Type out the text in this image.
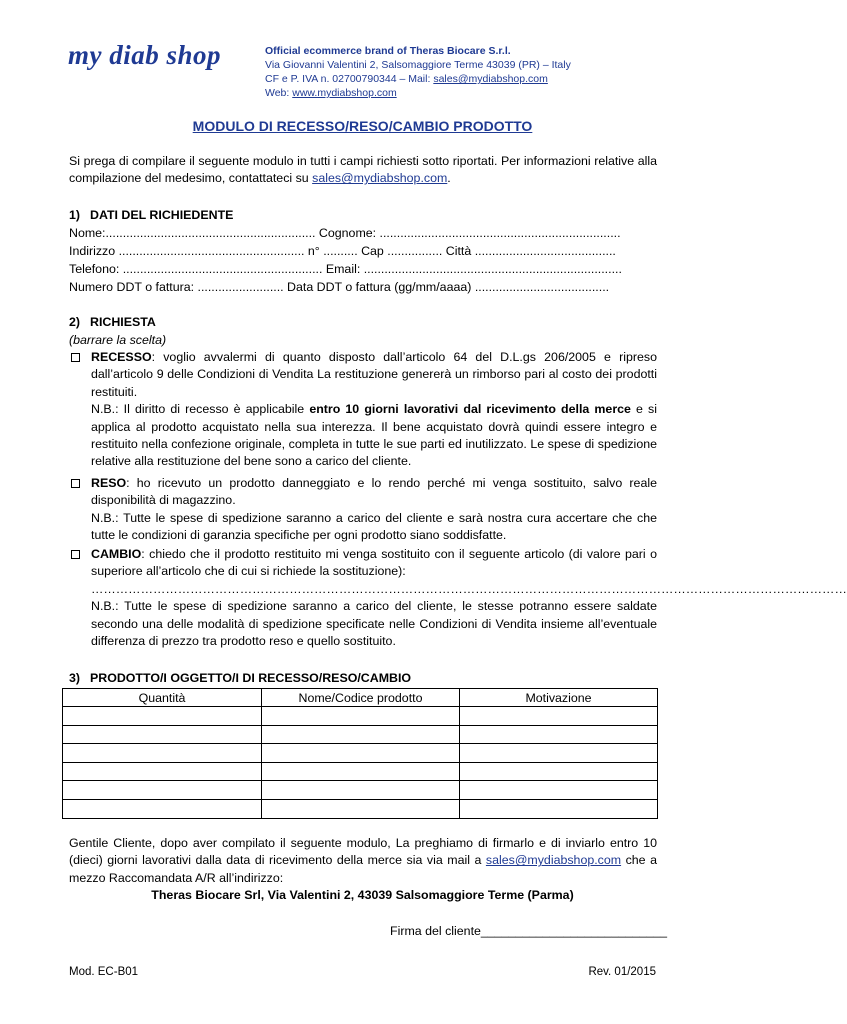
my diab shop	Official ecommerce brand of Theras Biocare S.r.l.
Via Giovanni Valentini 2, Salsomaggiore Terme 43039 (PR) – Italy
CF e P. IVA n. 02700790344 – Mail: sales@mydiabshop.com
Web: www.mydiabshop.com
MODULO DI RECESSO/RESO/CAMBIO PRODOTTO
Si prega di compilare il seguente modulo in tutti i campi richiesti sotto riportati. Per informazioni relative alla compilazione del medesimo, contattateci su sales@mydiabshop.com.
1) DATI DEL RICHIEDENTE
Nome:............................................................. Cognome: ......................................................................
Indirizzo ...................................................... n° .......... Cap ................ Città .........................................
Telefono: .......................................................... Email: ...........................................................................
Numero DDT o fattura: ......................... Data DDT o fattura (gg/mm/aaaa) .......................................
2) RICHIESTA
(barrare la scelta)
RECESSO: voglio avvalermi di quanto disposto dall’articolo 64 del D.L.gs 206/2005 e ripreso dall’articolo 9 delle Condizioni di Vendita La restituzione genererà un rimborso pari al costo dei prodotti restituiti.
N.B.: Il diritto di recesso è applicabile entro 10 giorni lavorativi dal ricevimento della merce e si applica al prodotto acquistato nella sua interezza. Il bene acquistato dovrà quindi essere integro e restituito nella confezione originale, completa in tutte le sue parti ed inutilizzato. Le spese di spedizione relative alla restituzione del bene sono a carico del cliente.
RESO: ho ricevuto un prodotto danneggiato e lo rendo perché mi venga sostituito, salvo reale disponibilità di magazzino.
N.B.: Tutte le spese di spedizione saranno a carico del cliente e sarà nostra cura accertare che che tutte le condizioni di garanzia specifiche per ogni prodotto siano soddisfatte.
CAMBIO: chiedo che il prodotto restituito mi venga sostituito con il seguente articolo (di valore pari o superiore all’articolo che di cui si richiede la sostituzione):
…………………………………………………………………………………………………………………………………………………………………
N.B.: Tutte le spese di spedizione saranno a carico del cliente, le stesse potranno essere saldate secondo una delle modalità di spedizione specificate nelle Condizioni di Vendita insieme all’eventuale differenza di prezzo tra prodotto reso e quello sostituito.
3) PRODOTTO/I OGGETTO/I DI RECESSO/RESO/CAMBIO
Quantità	Nome/Codice prodotto	Motivazione

Gentile Cliente, dopo aver compilato il seguente modulo, La preghiamo di firmarlo e di inviarlo entro 10 (dieci) giorni lavorativi dalla data di ricevimento della merce sia via mail a sales@mydiabshop.com che a mezzo Raccomandata A/R all’indirizzo:
Theras Biocare Srl, Via Valentini 2, 43039 Salsomaggiore Terme (Parma)
Firma del cliente___________________________
Mod. EC-B01	Rev. 01/2015
